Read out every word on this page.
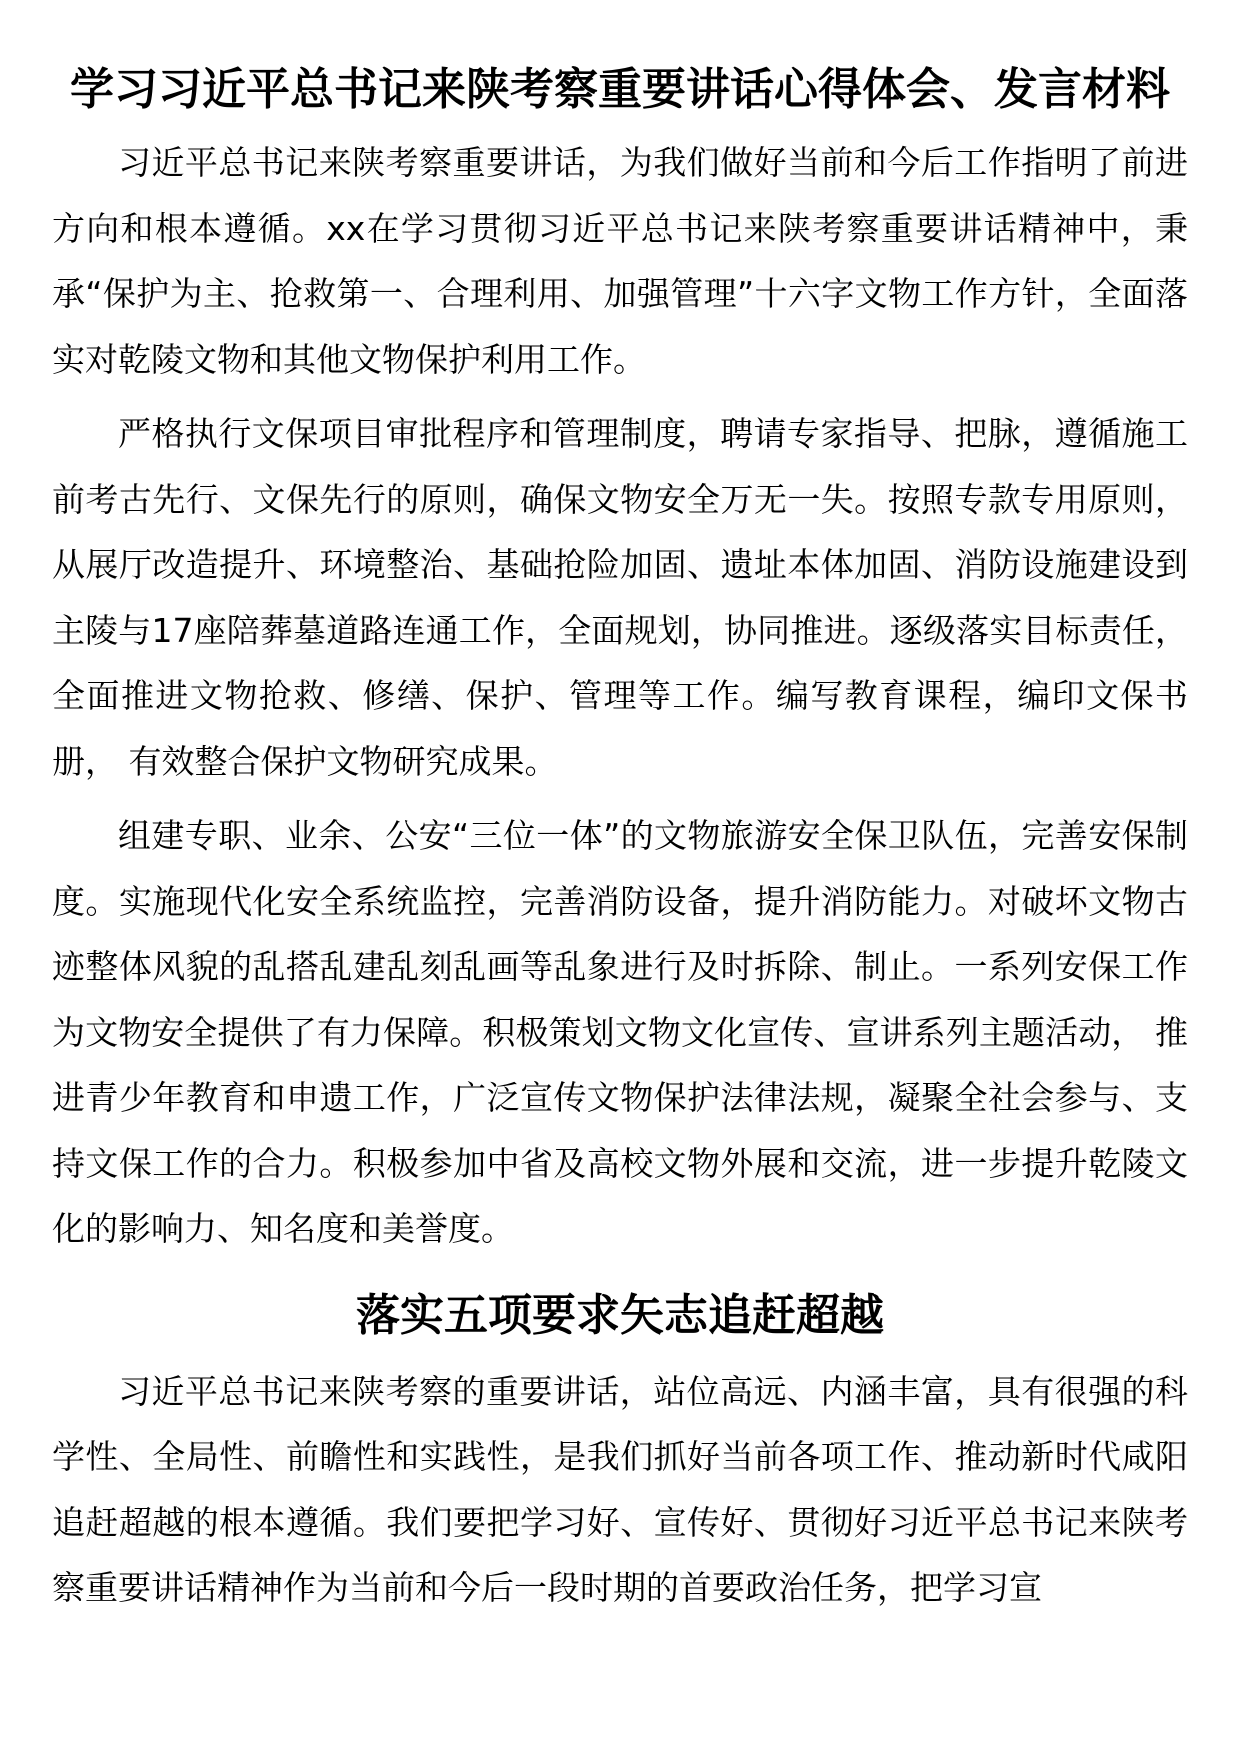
学习习近平总书记来陕考察重要讲话心得体会、发言材料

习近平总书记来陕考察重要讲话，为我们做好当前和今后工作指明了前进方向和根本遵循。xx在学习贯彻习近平总书记来陕考察重要讲话精神中，秉承“保护为主、抢救第一、合理利用、加强管理”十六字文物工作方针，全面落实对乾陵文物和其他文物保护利用工作。

严格执行文保项目审批程序和管理制度，聘请专家指导、把脉，遵循施工前考古先行、文保先行的原则，确保文物安全万无一失。按照专款专用原则， 从展厅改造提升、环境整治、基础抢险加固、遗址本体加固、消防设施建设到主陵与17座陪葬墓道路连通工作，全面规划，协同推进。逐级落实目标责任， 全面推进文物抢救、修缮、保护、管理等工作。编写教育课程，编印文保书册， 有效整合保护文物研究成果。

组建专职、业余、公安“三位一体”的文物旅游安全保卫队伍，完善安保制度。实施现代化安全系统监控，完善消防设备，提升消防能力。对破坏文物古迹整体风貌的乱搭乱建乱刻乱画等乱象进行及时拆除、制止。一系列安保工作为文物安全提供了有力保障。积极策划文物文化宣传、宣讲系列主题活动， 推进青少年教育和申遗工作，广泛宣传文物保护法律法规，凝聚全社会参与、支持文保工作的合力。积极参加中省及高校文物外展和交流，进一步提升乾陵文化的影响力、知名度和美誉度。

落实五项要求矢志追赶超越

习近平总书记来陕考察的重要讲话，站位高远、内涵丰富，具有很强的科学性、全局性、前瞻性和实践性，是我们抓好当前各项工作、推动新时代咸阳追赶超越的根本遵循。我们要把学习好、宣传好、贯彻好习近平总书记来陕考察重要讲话精神作为当前和今后一段时期的首要政治任务，把学习宣
